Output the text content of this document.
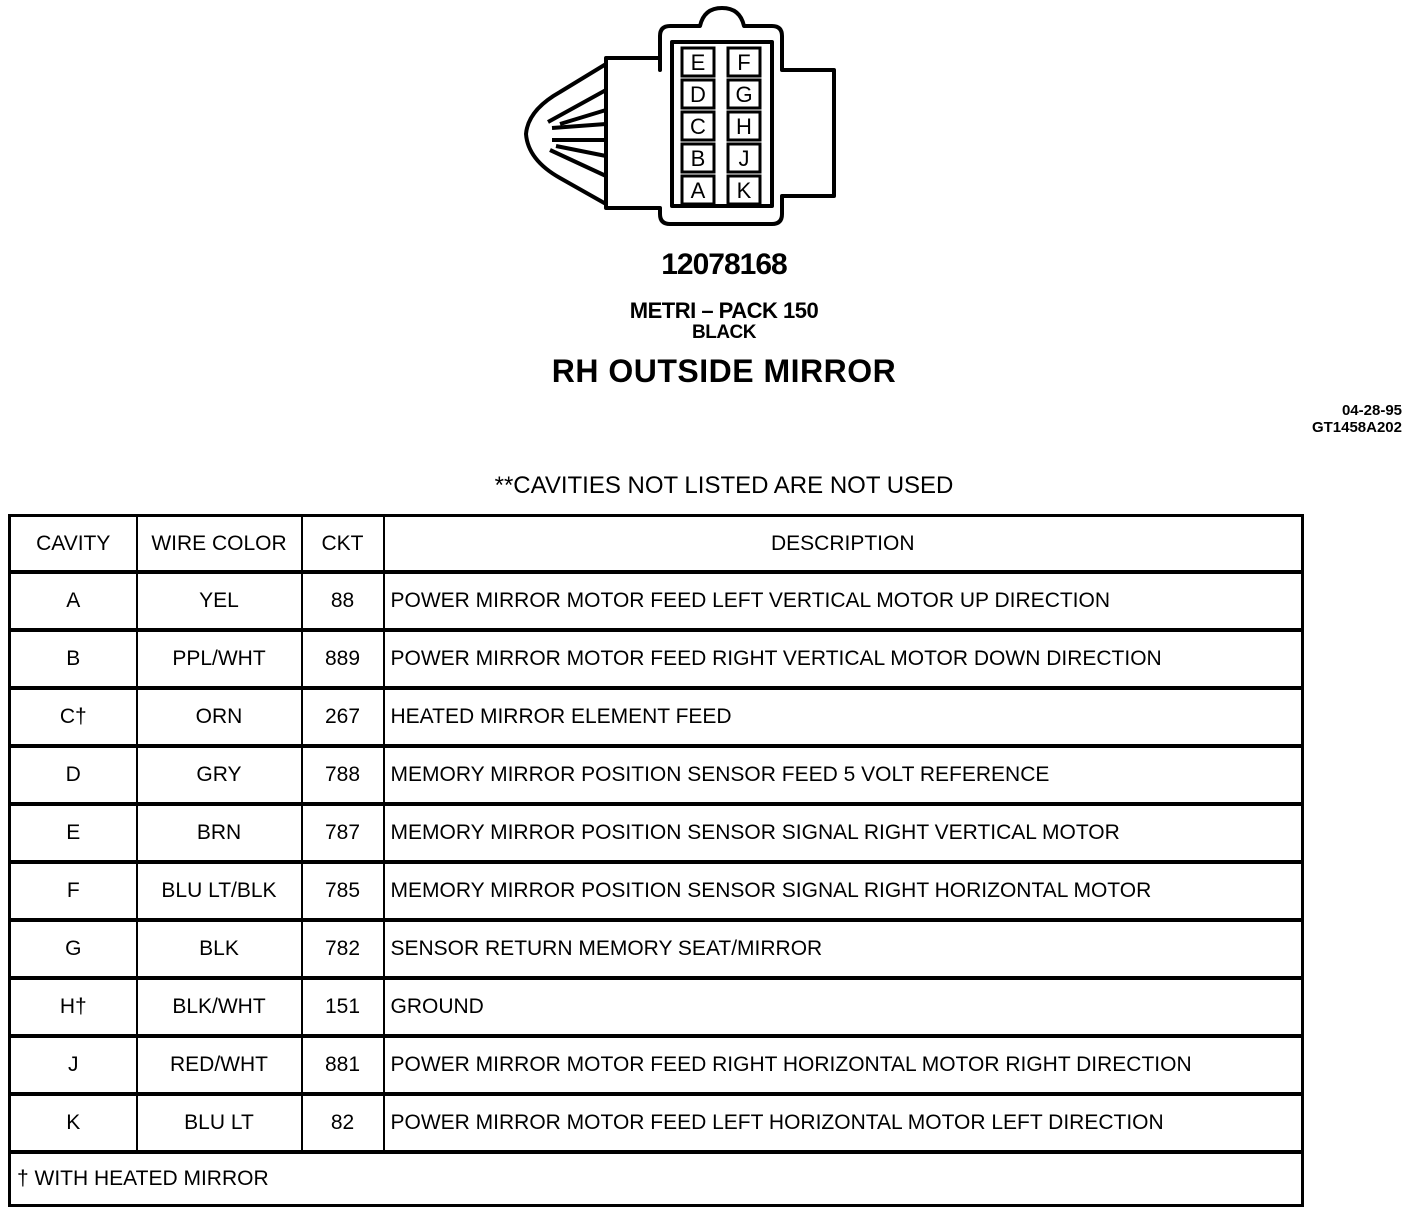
E
D
C
B
A
F
G
H
J
K
12078168
METRI – PACK 150
BLACK
RH OUTSIDE MIRROR
04-28-95
GT1458A202
**CAVITIES NOT LISTED ARE NOT USED
CAVITY	WIRE COLOR	CKT	DESCRIPTION
A	YEL	88	POWER MIRROR MOTOR FEED LEFT VERTICAL MOTOR UP DIRECTION
B	PPL/WHT	889	POWER MIRROR MOTOR FEED RIGHT VERTICAL MOTOR DOWN DIRECTION
C†	ORN	267	HEATED MIRROR ELEMENT FEED
D	GRY	788	MEMORY MIRROR POSITION SENSOR FEED 5 VOLT REFERENCE
E	BRN	787	MEMORY MIRROR POSITION SENSOR SIGNAL RIGHT VERTICAL MOTOR
F	BLU LT/BLK	785	MEMORY MIRROR POSITION SENSOR SIGNAL RIGHT HORIZONTAL MOTOR
G	BLK	782	SENSOR RETURN MEMORY SEAT/MIRROR
H†	BLK/WHT	151	GROUND
J	RED/WHT	881	POWER MIRROR MOTOR FEED RIGHT HORIZONTAL MOTOR RIGHT DIRECTION
K	BLU LT	82	POWER MIRROR MOTOR FEED LEFT HORIZONTAL MOTOR LEFT DIRECTION
† WITH HEATED MIRROR			
